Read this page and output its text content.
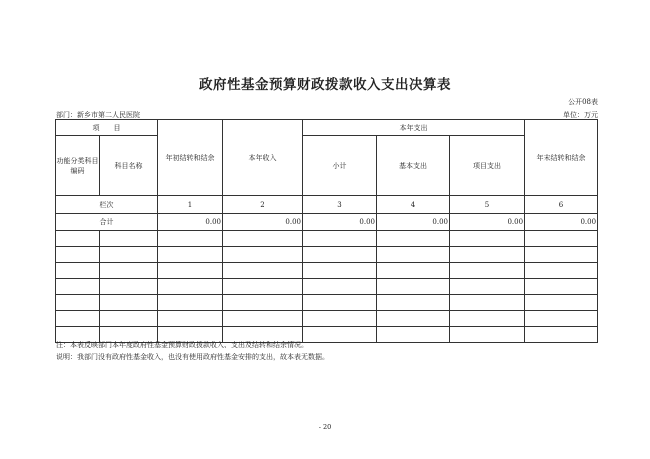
政府性基金预算财政拨款收入支出决算表
公开08表
部门：新乡市第二人民医院	单位：万元
项　　目		年初结转和结余	本年收入	本年支出			年末结转和结余
功能分类科目编码	科目名称			小计	基本支出	项目支出	

栏次		1	2	3	4	5	6
合计		0.00	0.00	0.00	0.00	0.00	0.00

注：本表反映部门本年度政府性基金预算财政拨款收入、支出及结转和结余情况。
说明：我部门没有政府性基金收入，也没有使用政府性基金安排的支出，故本表无数据。
- 20
